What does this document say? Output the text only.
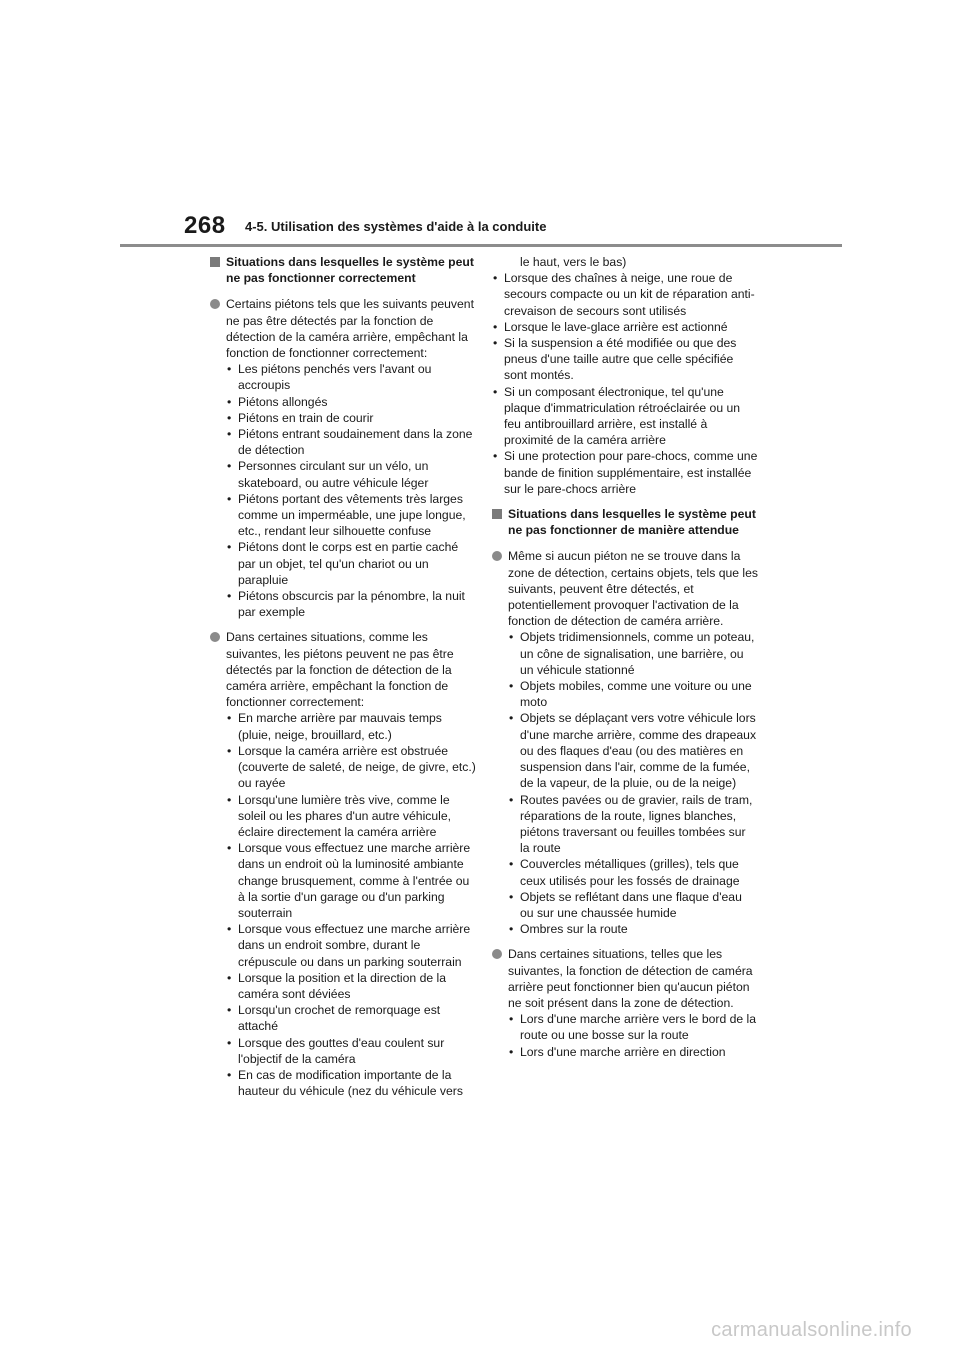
268 4-5. Utilisation des systèmes d'aide à la conduite
Situations dans lesquelles le système peut ne pas fonctionner correctement
Certains piétons tels que les suivants peuvent ne pas être détectés par la fonction de détection de la caméra arrière, empêchant la fonction de fonctionner correctement:
• Les piétons penchés vers l'avant ou accroupis
• Piétons allongés
• Piétons en train de courir
• Piétons entrant soudainement dans la zone de détection
• Personnes circulant sur un vélo, un skateboard, ou autre véhicule léger
• Piétons portant des vêtements très larges comme un imperméable, une jupe longue, etc., rendant leur silhouette confuse
• Piétons dont le corps est en partie caché par un objet, tel qu'un chariot ou un parapluie
• Piétons obscurcis par la pénombre, la nuit par exemple
Dans certaines situations, comme les suivantes, les piétons peuvent ne pas être détectés par la fonction de détection de la caméra arrière, empêchant la fonction de fonctionner correctement:
• En marche arrière par mauvais temps (pluie, neige, brouillard, etc.)
• Lorsque la caméra arrière est obstruée (couverte de saleté, de neige, de givre, etc.) ou rayée
• Lorsqu'une lumière très vive, comme le soleil ou les phares d'un autre véhicule, éclaire directement la caméra arrière
• Lorsque vous effectuez une marche arrière dans un endroit où la luminosité ambiante change brusquement, comme à l'entrée ou à la sortie d'un garage ou d'un parking souterrain
• Lorsque vous effectuez une marche arrière dans un endroit sombre, durant le crépuscule ou dans un parking souterrain
• Lorsque la position et la direction de la caméra sont déviées
• Lorsqu'un crochet de remorquage est attaché
• Lorsque des gouttes d'eau coulent sur l'objectif de la caméra
• En cas de modification importante de la hauteur du véhicule (nez du véhicule vers
le haut, vers le bas)
• Lorsque des chaînes à neige, une roue de secours compacte ou un kit de réparation anti-crevaison de secours sont utilisés
• Lorsque le lave-glace arrière est actionné
• Si la suspension a été modifiée ou que des pneus d'une taille autre que celle spécifiée sont montés.
• Si un composant électronique, tel qu'une plaque d'immatriculation rétroéclairée ou un feu antibrouillard arrière, est installé à proximité de la caméra arrière
• Si une protection pour pare-chocs, comme une bande de finition supplémentaire, est installée sur le pare-chocs arrière
Situations dans lesquelles le système peut ne pas fonctionner de manière attendue
Même si aucun piéton ne se trouve dans la zone de détection, certains objets, tels que les suivants, peuvent être détectés, et potentiellement provoquer l'activation de la fonction de détection de caméra arrière.
• Objets tridimensionnels, comme un poteau, un cône de signalisation, une barrière, ou un véhicule stationné
• Objets mobiles, comme une voiture ou une moto
• Objets se déplaçant vers votre véhicule lors d'une marche arrière, comme des drapeaux ou des flaques d'eau (ou des matières en suspension dans l'air, comme de la fumée, de la vapeur, de la pluie, ou de la neige)
• Routes pavées ou de gravier, rails de tram, réparations de la route, lignes blanches, piétons traversant ou feuilles tombées sur la route
• Couvercles métalliques (grilles), tels que ceux utilisés pour les fossés de drainage
• Objets se reflétant dans une flaque d'eau ou sur une chaussée humide
• Ombres sur la route
Dans certaines situations, telles que les suivantes, la fonction de détection de caméra arrière peut fonctionner bien qu'aucun piéton ne soit présent dans la zone de détection.
• Lors d'une marche arrière vers le bord de la route ou une bosse sur la route
• Lors d'une marche arrière en direction
carmanualsonline.info
